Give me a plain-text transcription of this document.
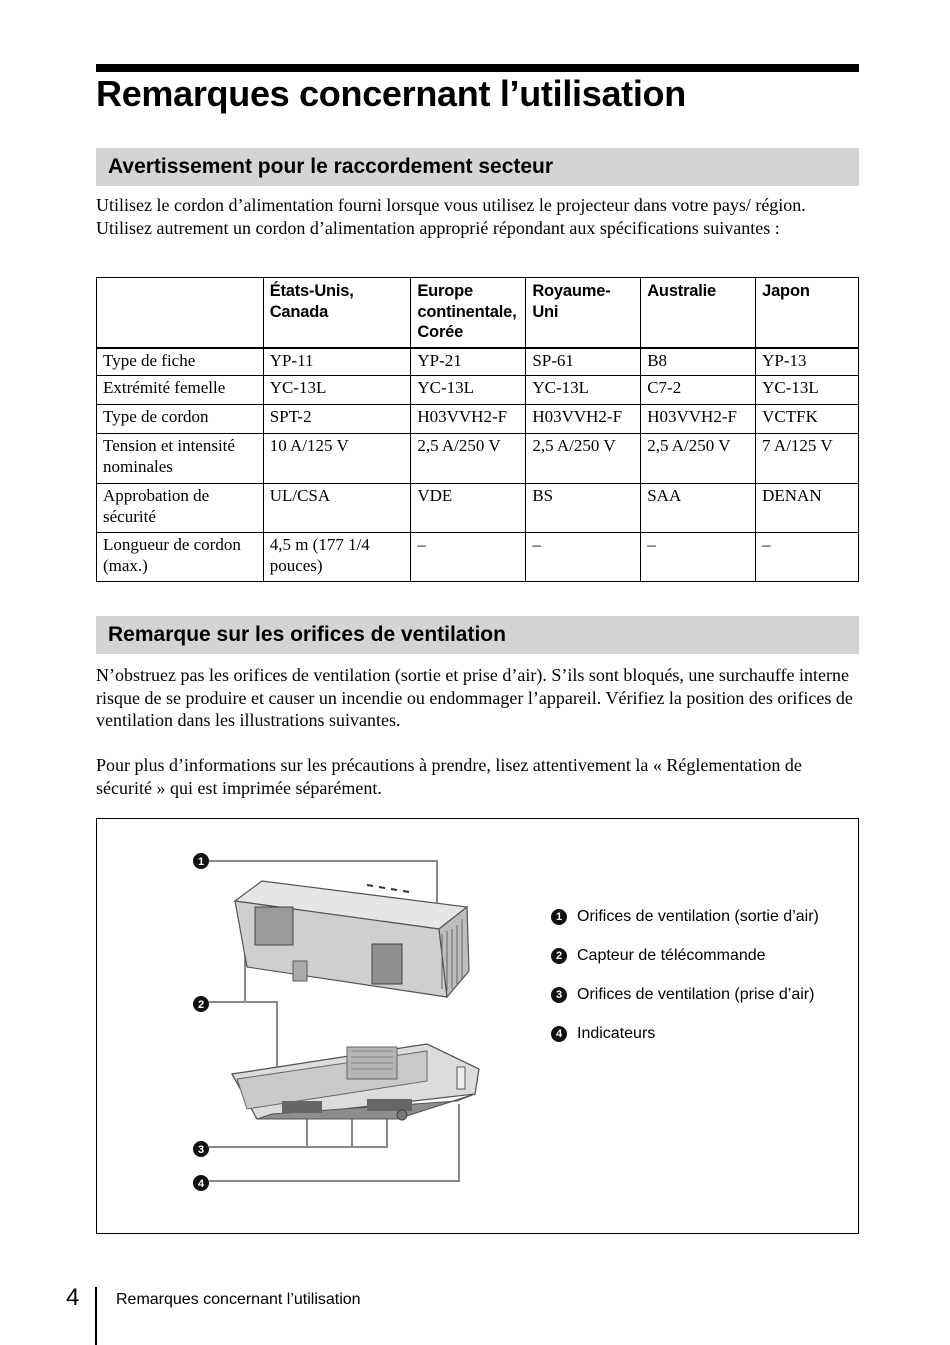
Remarques concernant l’utilisation
Avertissement pour le raccordement secteur

Utilisez le cordon d’alimentation fourni lorsque vous utilisez le projecteur dans votre pays/ région. Utilisez autrement un cordon d’alimentation approprié répondant aux spécifications suivantes :

	États-Unis, Canada	Europe continentale, Corée	Royaume-Uni	Australie	Japon
Type de fiche	YP-11	YP-21	SP-61	B8	YP-13
Extrémité femelle	YC-13L	YC-13L	YC-13L	C7-2	YC-13L
Type de cordon	SPT-2	H03VVH2-F	H03VVH2-F	H03VVH2-F	VCTFK
Tension et intensité nominales	10 A/125 V	2,5 A/250 V	2,5 A/250 V	2,5 A/250 V	7 A/125 V
Approbation de sécurité	UL/CSA	VDE	BS	SAA	DENAN
Longueur de cordon (max.)	4,5 m (177 1/4 pouces)	–	–	–	–
Remarque sur les orifices de ventilation

N’obstruez pas les orifices de ventilation (sortie et prise d’air). S’ils sont bloqués, une surchauffe interne risque de se produire et causer un incendie ou endommager l’appareil. Vérifiez la position des orifices de ventilation dans les illustrations suivantes.

Pour plus d’informations sur les précautions à prendre, lisez attentivement la « Réglementation de sécurité » qui est imprimée séparément.

1
2
3
4
1 Orifices de ventilation (sortie d’air)
2 Capteur de télécommande
3 Orifices de ventilation (prise d’air)
4 Indicateurs
4 Remarques concernant l’utilisation
